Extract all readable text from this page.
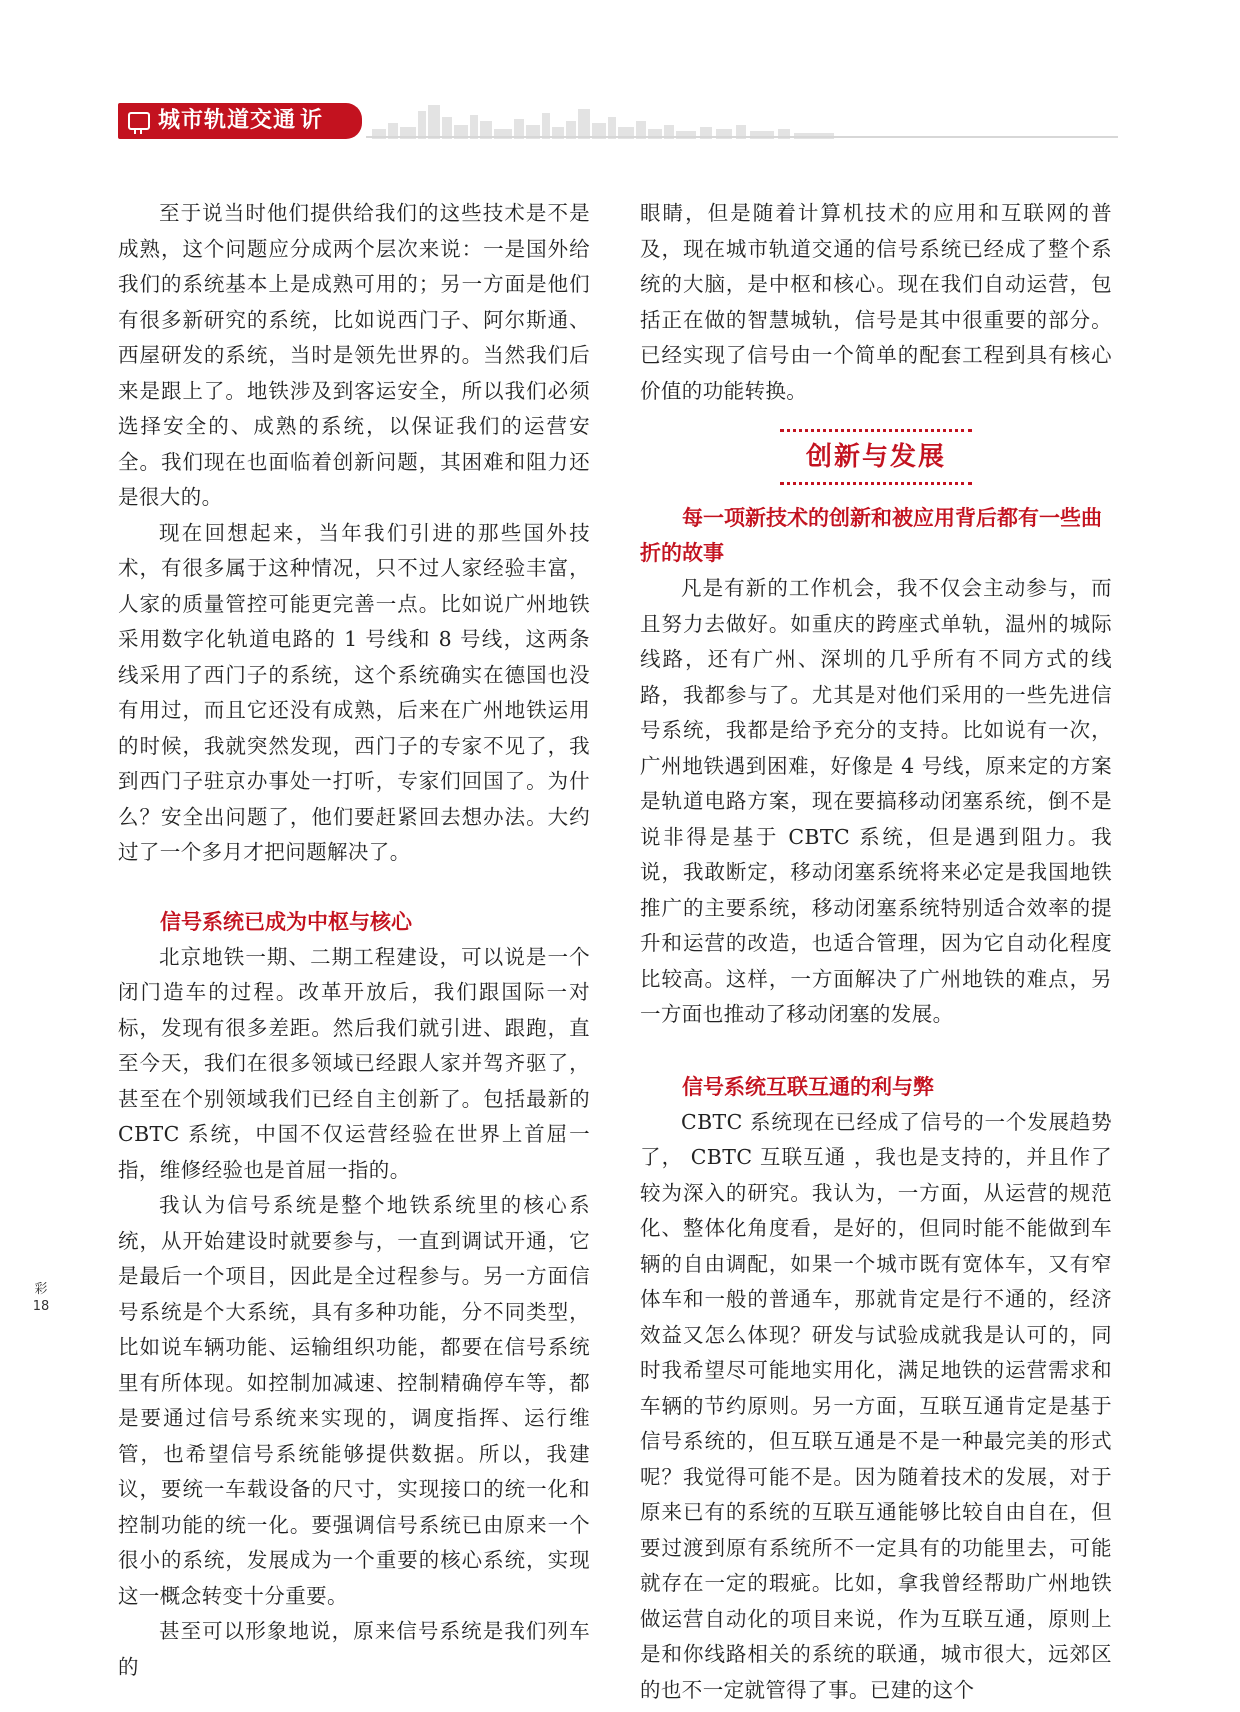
城市轨道交通 䜣

至于说当时他们提供给我们的这些技术是不是成熟，这个问题应分成两个层次来说：一是国外给我们的系统基本上是成熟可用的；另一方面是他们有很多新研究的系统，比如说西门子、阿尔斯通、西屋研发的系统，当时是领先世界的。当然我们后来是跟上了。地铁涉及到客运安全，所以我们必须选择安全的、成熟的系统，以保证我们的运营安全。我们现在也面临着创新问题，其困难和阻力还是很大的。

现在回想起来，当年我们引进的那些国外技术，有很多属于这种情况，只不过人家经验丰富，人家的质量管控可能更完善一点。比如说广州地铁采用数字化轨道电路的 1 号线和 8 号线，这两条线采用了西门子的系统，这个系统确实在德国也没有用过，而且它还没有成熟，后来在广州地铁运用的时候，我就突然发现，西门子的专家不见了，我到西门子驻京办事处一打听，专家们回国了。为什么？安全出问题了，他们要赶紧回去想办法。大约过了一个多月才把问题解决了。

信号系统已成为中枢与核心

北京地铁一期、二期工程建设，可以说是一个闭门造车的过程。改革开放后，我们跟国际一对标，发现有很多差距。然后我们就引进、跟跑，直至今天，我们在很多领域已经跟人家并驾齐驱了，甚至在个别领域我们已经自主创新了。包括最新的 CBTC 系统，中国不仅运营经验在世界上首屈一指，维修经验也是首屈一指的。

我认为信号系统是整个地铁系统里的核心系统，从开始建设时就要参与，一直到调试开通，它是最后一个项目，因此是全过程参与。另一方面信号系统是个大系统，具有多种功能，分不同类型，比如说车辆功能、运输组织功能，都要在信号系统里有所体现。如控制加减速、控制精确停车等，都是要通过信号系统来实现的，调度指挥、运行维管，也希望信号系统能够提供数据。所以，我建议，要统一车载设备的尺寸，实现接口的统一化和控制功能的统一化。要强调信号系统已由原来一个很小的系统，发展成为一个重要的核心系统，实现这一概念转变十分重要。

甚至可以形象地说，原来信号系统是我们列车的

眼睛，但是随着计算机技术的应用和互联网的普及，现在城市轨道交通的信号系统已经成了整个系统的大脑，是中枢和核心。现在我们自动运营，包括正在做的智慧城轨，信号是其中很重要的部分。已经实现了信号由一个简单的配套工程到具有核心价值的功能转换。

创新与发展
每一项新技术的创新和被应用背后都有一些曲折的故事

凡是有新的工作机会，我不仅会主动参与，而且努力去做好。如重庆的跨座式单轨，温州的城际线路，还有广州、深圳的几乎所有不同方式的线路，我都参与了。尤其是对他们采用的一些先进信号系统，我都是给予充分的支持。比如说有一次，广州地铁遇到困难，好像是 4 号线，原来定的方案是轨道电路方案，现在要搞移动闭塞系统，倒不是说非得是基于 CBTC 系统，但是遇到阻力。我说，我敢断定，移动闭塞系统将来必定是我国地铁推广的主要系统，移动闭塞系统特别适合效率的提升和运营的改造，也适合管理，因为它自动化程度比较高。这样，一方面解决了广州地铁的难点，另一方面也推动了移动闭塞的发展。

信号系统互联互通的利与弊

CBTC 系统现在已经成了信号的一个发展趋势了， CBTC 互联互通 ，我也是支持的，并且作了较为深入的研究。我认为，一方面，从运营的规范化、整体化角度看，是好的，但同时能不能做到车辆的自由调配，如果一个城市既有宽体车，又有窄体车和一般的普通车，那就肯定是行不通的，经济效益又怎么体现？研发与试验成就我是认可的，同时我希望尽可能地实用化，满足地铁的运营需求和车辆的节约原则。另一方面，互联互通肯定是基于信号系统的，但互联互通是不是一种最完美的形式呢？我觉得可能不是。因为随着技术的发展，对于原来已有的系统的互联互通能够比较自由自在，但要过渡到原有系统所不一定具有的功能里去，可能就存在一定的瑕疵。比如，拿我曾经帮助广州地铁做运营自动化的项目来说，作为互联互通，原则上是和你线路相关的系统的联通，城市很大，远郊区的也不一定就管得了事。已建的这个

彩
18
